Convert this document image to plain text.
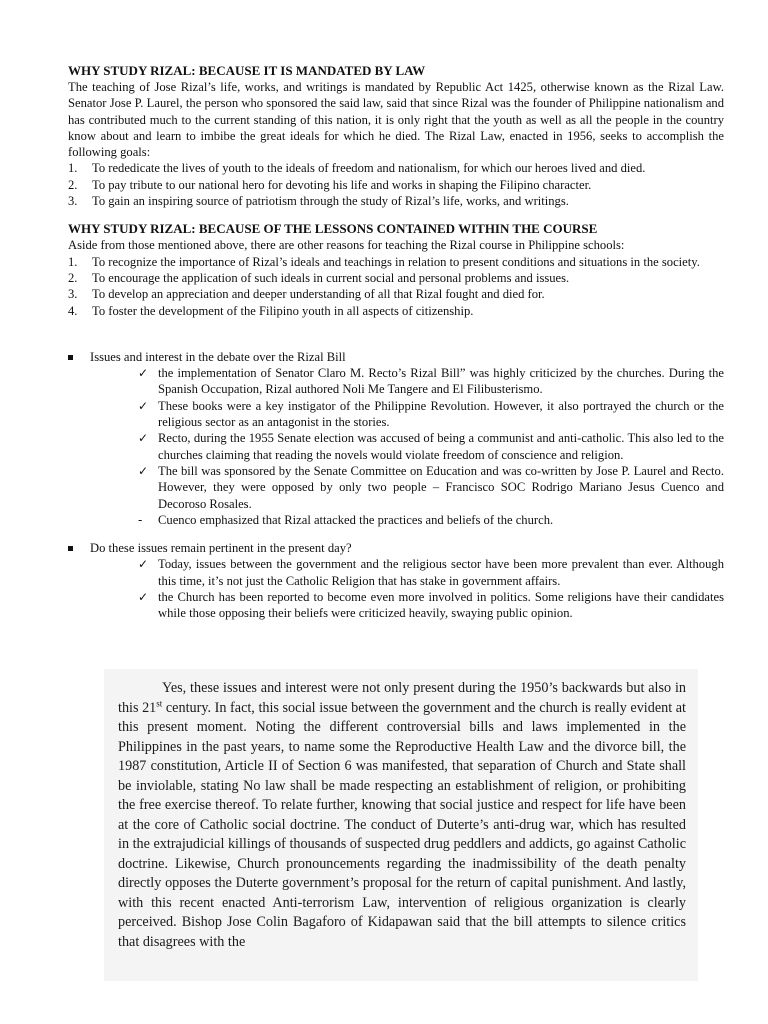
WHY STUDY RIZAL: BECAUSE IT IS MANDATED BY LAW

The teaching of Jose Rizal’s life, works, and writings is mandated by Republic Act 1425, otherwise known as the Rizal Law. Senator Jose P. Laurel, the person who sponsored the said law, said that since Rizal was the founder of Philippine nationalism and has contributed much to the current standing of this nation, it is only right that the youth as well as all the people in the country know about and learn to imbibe the great ideals for which he died. The Rizal Law, enacted in 1956, seeks to accomplish the following goals:

1. To rededicate the lives of youth to the ideals of freedom and nationalism, for which our heroes lived and died.
2. To pay tribute to our national hero for devoting his life and works in shaping the Filipino character.
3. To gain an inspiring source of patriotism through the study of Rizal’s life, works, and writings.
WHY STUDY RIZAL: BECAUSE OF THE LESSONS CONTAINED WITHIN THE COURSE

Aside from those mentioned above, there are other reasons for teaching the Rizal course in Philippine schools:

1. To recognize the importance of Rizal’s ideals and teachings in relation to present conditions and situations in the society.
2. To encourage the application of such ideals in current social and personal problems and issues.
3. To develop an appreciation and deeper understanding of all that Rizal fought and died for.
4. To foster the development of the Filipino youth in all aspects of citizenship.
Issues and interest in the debate over the Rizal Bill
✓ the implementation of Senator Claro M. Recto’s Rizal Bill” was highly criticized by the churches. During the Spanish Occupation, Rizal authored Noli Me Tangere and El Filibusterismo.
✓ These books were a key instigator of the Philippine Revolution. However, it also portrayed the church or the religious sector as an antagonist in the stories.
✓ Recto, during the 1955 Senate election was accused of being a communist and anti-catholic. This also led to the churches claiming that reading the novels would violate freedom of conscience and religion.
✓ The bill was sponsored by the Senate Committee on Education and was co-written by Jose P. Laurel and Recto. However, they were opposed by only two people – Francisco SOC Rodrigo Mariano Jesus Cuenco and Decoroso Rosales.
- Cuenco emphasized that Rizal attacked the practices and beliefs of the church.
Do these issues remain pertinent in the present day?
✓ Today, issues between the government and the religious sector have been more prevalent than ever. Although this time, it’s not just the Catholic Religion that has stake in government affairs.
✓ the Church has been reported to become even more involved in politics. Some religions have their candidates while those opposing their beliefs were criticized heavily, swaying public opinion.

Yes, these issues and interest were not only present during the 1950’s backwards but also in this 21st century. In fact, this social issue between the government and the church is really evident at this present moment. Noting the different controversial bills and laws implemented in the Philippines in the past years, to name some the Reproductive Health Law and the divorce bill, the 1987 constitution, Article II of Section 6 was manifested, that separation of Church and State shall be inviolable, stating No law shall be made respecting an establishment of religion, or prohibiting the free exercise thereof. To relate further, knowing that social justice and respect for life have been at the core of Catholic social doctrine. The conduct of Duterte’s anti-drug war, which has resulted in the extrajudicial killings of thousands of suspected drug peddlers and addicts, go against Catholic doctrine. Likewise, Church pronouncements regarding the inadmissibility of the death penalty directly opposes the Duterte government’s proposal for the return of capital punishment. And lastly, with this recent enacted Anti-terrorism Law, intervention of religious organization is clearly perceived. Bishop Jose Colin Bagaforo of Kidapawan said that the bill attempts to silence critics that disagrees with the
